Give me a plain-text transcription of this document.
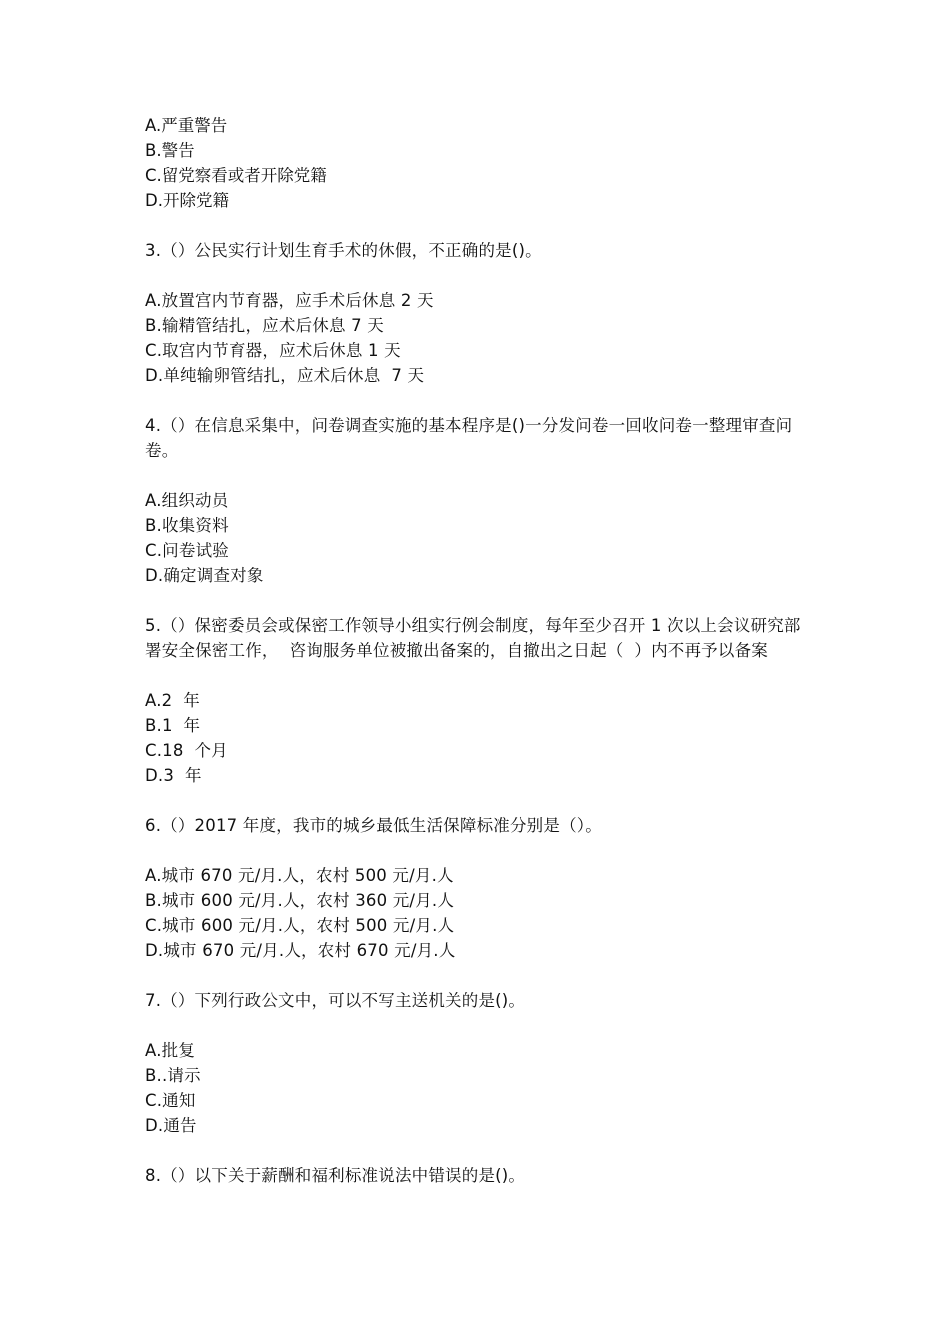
A.严重警告
B.警告
C.留党察看或者开除党籍
D.开除党籍
3.（）公民实行计划生育手术的休假，不正确的是()。
A.放置宫内节育器，应手术后休息 2 天
B.输精管结扎，应术后休息 7 天
C.取宫内节育器，应术后休息 1 天
D.单纯输卵管结扎，应术后休息  7 天
4.（）在信息采集中，问卷调查实施的基本程序是()一分发问卷一回收问卷一整理审查问卷。
A.组织动员
B.收集资料
C.问卷试验
D.确定调查对象
5.（）保密委员会或保密工作领导小组实行例会制度，每年至少召开 1 次以上会议研究部署安全保密工作，  咨询服务单位被撤出备案的，自撤出之日起（  ）内不再予以备案
A.2  年
B.1  年
C.18  个月
D.3  年
6.（）2017 年度，我市的城乡最低生活保障标准分别是（）。
A.城市 670 元/月.人，农村 500 元/月.人
B.城市 600 元/月.人，农村 360 元/月.人
C.城市 600 元/月.人，农村 500 元/月.人
D.城市 670 元/月.人，农村 670 元/月.人
7.（）下列行政公文中，可以不写主送机关的是()。
A.批复
B..请示
C.通知
D.通告
8.（）以下关于薪酬和福利标准说法中错误的是()。
